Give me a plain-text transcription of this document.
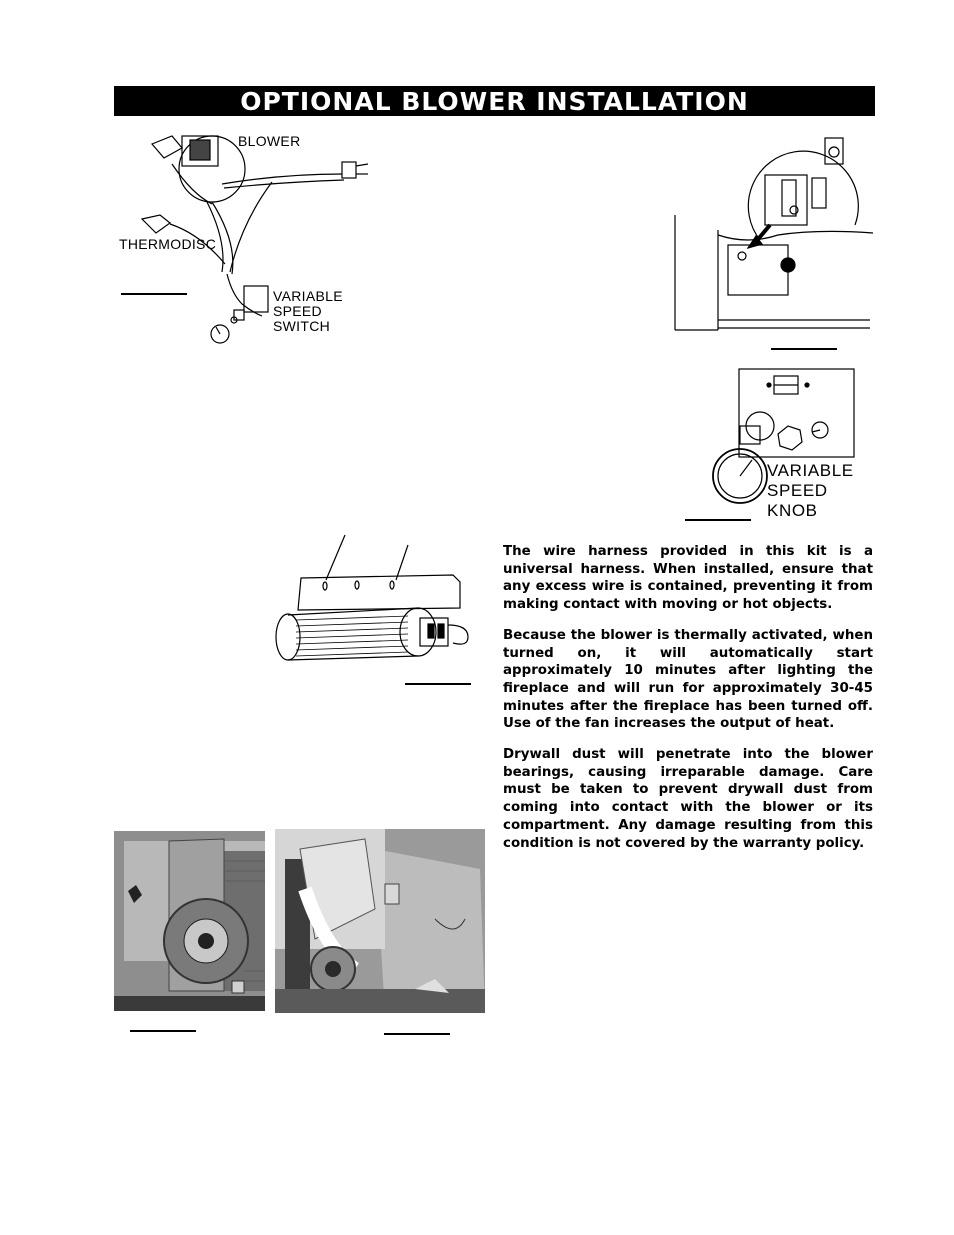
OPTIONAL BLOWER INSTALLATION
BLOWER
THERMODISC
VARIABLE
SPEED
SWITCH
VARIABLE
SPEED
KNOB

The wire harness provided in this kit is a universal harness. When installed, ensure that any excess wire is contained, preventing it from making contact with moving or hot objects.

Because the blower is thermally activated, when turned on, it will automatically start approximately 10 minutes after lighting the fireplace and will run for approximately 30-45 minutes after the fireplace has been turned off. Use of the fan increases the output of heat.

Drywall dust will penetrate into the blower bearings, causing irreparable damage. Care must be taken to prevent drywall dust from coming into contact with the blower or its compartment. Any damage resulting from this condition is not covered by the warranty policy.
